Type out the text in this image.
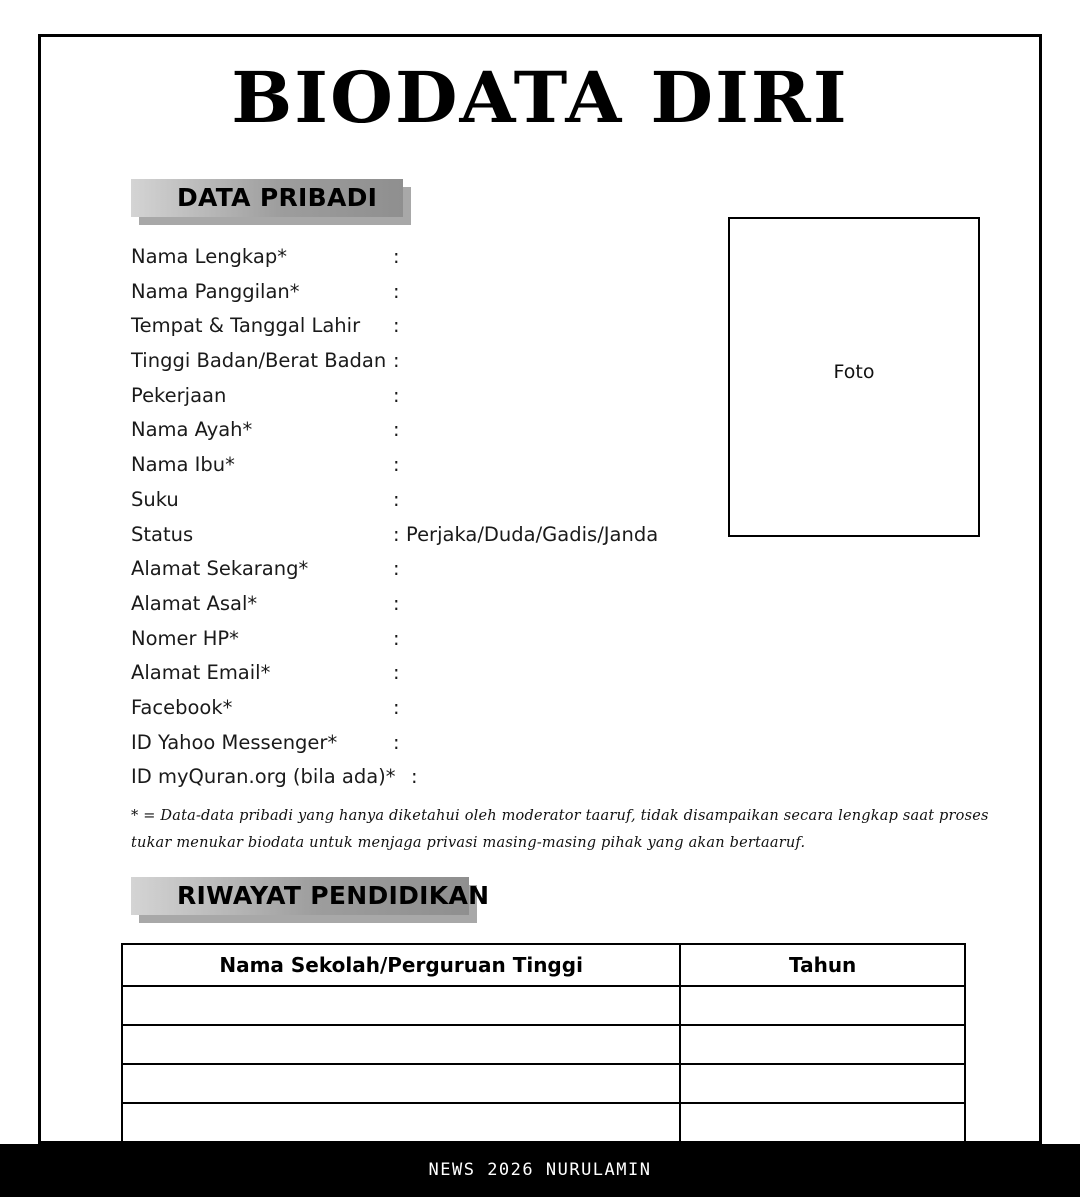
BIODATA DIRI
DATA PRIBADI
Nama Lengkap*	:
Nama Panggilan*	:
Tempat & Tanggal Lahir :
Tinggi Badan/Berat Badan :
Pekerjaan	:
Nama Ayah*	:
Nama Ibu*	:
Suku	:
Status	: Perjaka/Duda/Gadis/Janda
Alamat Sekarang*	:
Alamat Asal*	:
Nomer HP*	:
Alamat Email*	:
Facebook*	:
ID Yahoo Messenger*	:
ID myQuran.org (bila ada)* :
Foto
* = Data-data pribadi yang hanya diketahui oleh moderator taaruf, tidak disampaikan secara lengkap saat proses tukar menukar biodata untuk menjaga privasi masing-masing pihak yang akan bertaaruf.
RIWAYAT PENDIDIKAN
Nama Sekolah/Perguruan Tinggi	Tahun

NEWS 2026 NURULAMIN
